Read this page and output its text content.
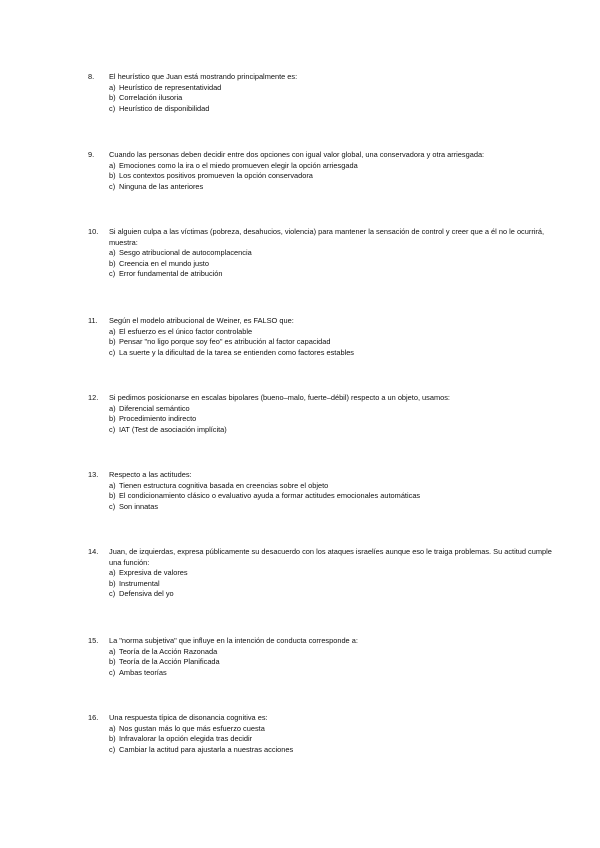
8. El heurístico que Juan está mostrando principalmente es:
a) Heurístico de representatividad
b) Correlación ilusoria
c) Heurístico de disponibilidad
9. Cuando las personas deben decidir entre dos opciones con igual valor global, una conservadora y otra arriesgada:
a) Emociones como la ira o el miedo promueven elegir la opción arriesgada
b) Los contextos positivos promueven la opción conservadora
c) Ninguna de las anteriores
10. Si alguien culpa a las víctimas (pobreza, desahucios, violencia) para mantener la sensación de control y creer que a él no le ocurrirá, muestra:
a) Sesgo atribucional de autocomplacencia
b) Creencia en el mundo justo
c) Error fundamental de atribución
11. Según el modelo atribucional de Weiner, es FALSO que:
a) El esfuerzo es el único factor controlable
b) Pensar "no ligo porque soy feo" es atribución al factor capacidad
c) La suerte y la dificultad de la tarea se entienden como factores estables
12. Si pedimos posicionarse en escalas bipolares (bueno–malo, fuerte–débil) respecto a un objeto, usamos:
a) Diferencial semántico
b) Procedimiento indirecto
c) IAT (Test de asociación implícita)
13. Respecto a las actitudes:
a) Tienen estructura cognitiva basada en creencias sobre el objeto
b) El condicionamiento clásico o evaluativo ayuda a formar actitudes emocionales automáticas
c) Son innatas
14. Juan, de izquierdas, expresa públicamente su desacuerdo con los ataques israelíes aunque eso le traiga problemas. Su actitud cumple una función:
a) Expresiva de valores
b) Instrumental
c) Defensiva del yo
15. La "norma subjetiva" que influye en la intención de conducta corresponde a:
a) Teoría de la Acción Razonada
b) Teoría de la Acción Planificada
c) Ambas teorías
16. Una respuesta típica de disonancia cognitiva es:
a) Nos gustan más lo que más esfuerzo cuesta
b) Infravalorar la opción elegida tras decidir
c) Cambiar la actitud para ajustarla a nuestras acciones
